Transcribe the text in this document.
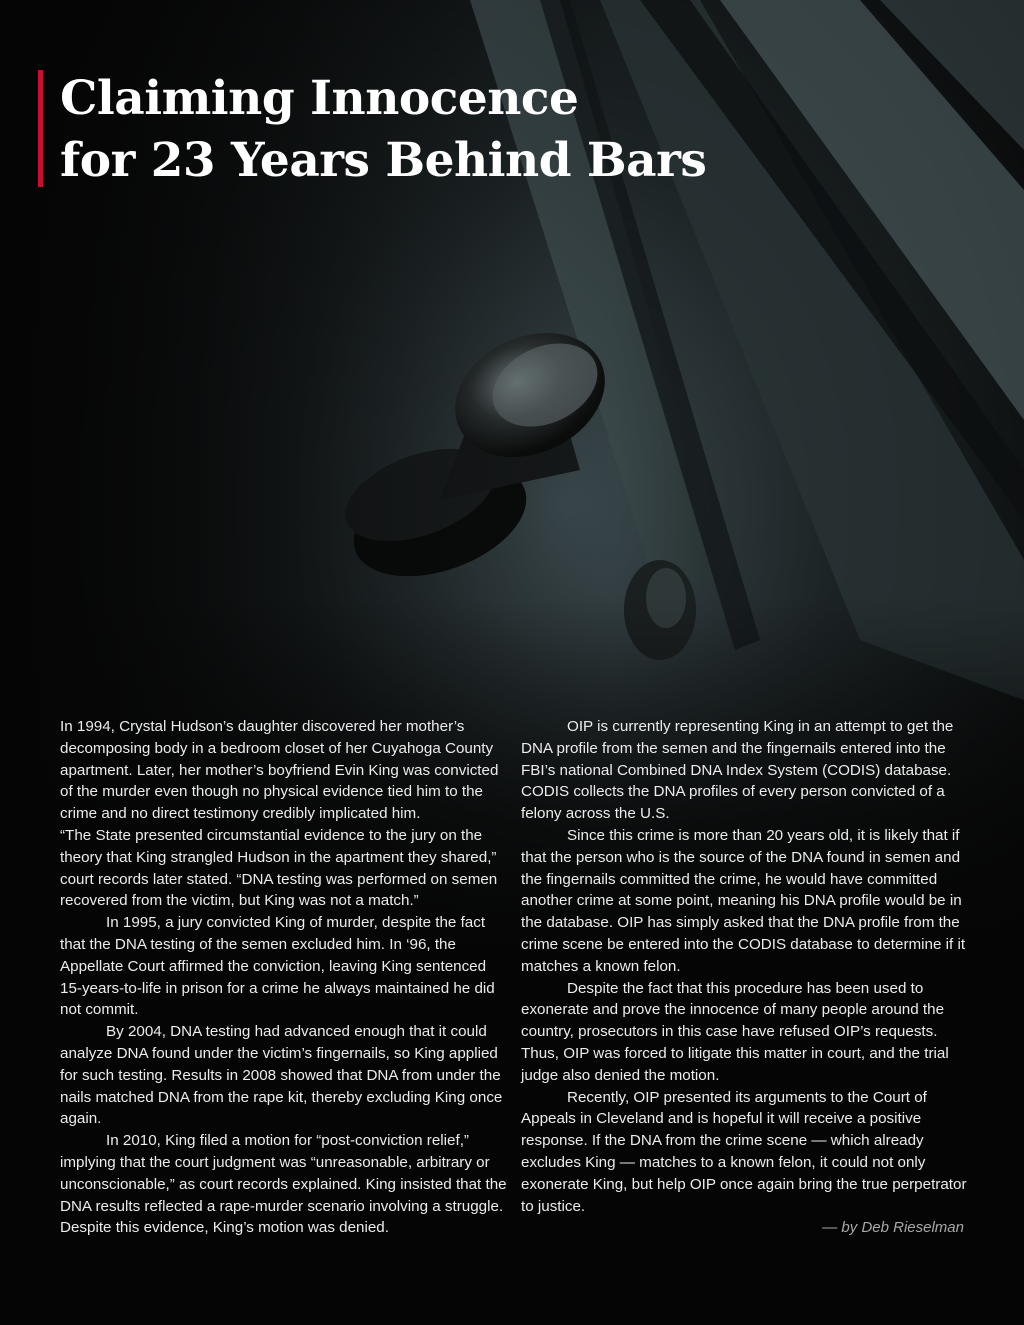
Claiming Innocence
for 23 Years Behind Bars

In 1994, Crystal Hudson’s daughter discovered her mother’s decomposing body in a bedroom closet of her Cuyahoga County apartment. Later, her mother’s boyfriend Evin King was convicted of the murder even though no physical evidence tied him to the crime and no direct testimony credibly implicated him.

“The State presented circumstantial evidence to the jury on the theory that King strangled Hudson in the apartment they shared,” court records later stated. “DNA testing was performed on semen recovered from the victim, but King was not a match.”

In 1995, a jury convicted King of murder, despite the fact that the DNA testing of the semen excluded him. In ‘96, the Appellate Court affirmed the conviction, leaving King sentenced 15-years-to-life in prison for a crime he always maintained he did not commit.

By 2004, DNA testing had advanced enough that it could analyze DNA found under the victim’s fingernails, so King applied for such testing. Results in 2008 showed that DNA from under the nails matched DNA from the rape kit, thereby excluding King once again.

In 2010, King filed a motion for “post-conviction relief,” implying that the court judgment was “unreasonable, arbitrary or unconscionable,” as court records explained. King insisted that the DNA results reflected a rape-murder scenario involving a struggle. Despite this evidence, King’s motion was denied.

OIP is currently representing King in an attempt to get the DNA profile from the semen and the fingernails entered into the FBI’s national Combined DNA Index System (CODIS) database. CODIS collects the DNA profiles of every person convicted of a felony across the U.S.

Since this crime is more than 20 years old, it is likely that if that the person who is the source of the DNA found in semen and the fingernails committed the crime, he would have committed another crime at some point, meaning his DNA profile would be in the database. OIP has simply asked that the DNA profile from the crime scene be entered into the CODIS database to determine if it matches a known felon.

Despite the fact that this procedure has been used to exonerate and prove the innocence of many people around the country, prosecutors in this case have refused OIP’s requests. Thus, OIP was forced to litigate this matter in court, and the trial judge also denied the motion.

Recently, OIP presented its arguments to the Court of Appeals in Cleveland and is hopeful it will receive a positive response. If the DNA from the crime scene — which already excludes King — matches to a known felon, it could not only exonerate King, but help OIP once again bring the true perpetrator to justice.

— by Deb Rieselman
